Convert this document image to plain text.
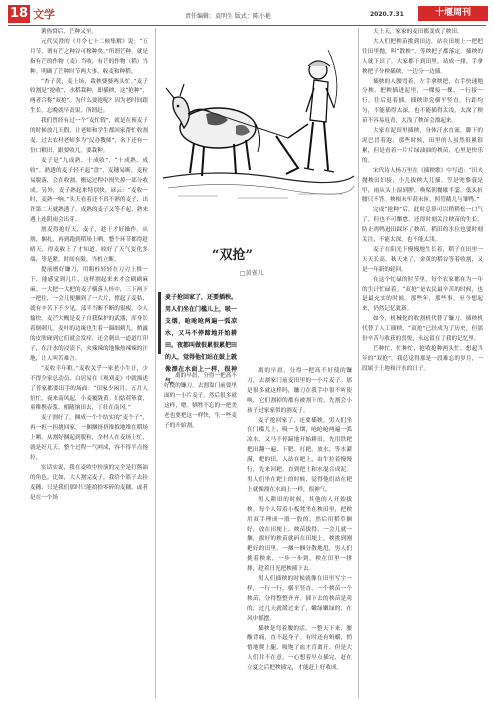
18 文学	责任编辑：袁明生 版式：陈小艳	2020.7.31	十堰周刊

薯热窝后，芒种又至。

元代吴澄的《月令七十二候集解》说：“五月节，谓有芒之种谷可稼种矣。”所谓芒种，就是指有芒的作物（麦）当收，有芒的作物（稻）当种。明确了芒种时节两大事，收麦和种稻。

“杏子黄，麦上场，栽秧婆婆两头忙。”麦子收割是“抢收”，水稻栽种，即插秧，这“抢种”，两者合称“双抢”。为什么要抢呢？因为老时间跟生长，忘晚就早责果，所谓赶。

我们曾经有过一个“麦忙假”，就是在预麦子的时候放几天假，让老师和学生都回家帮忙收割麦。过去农村老师多为“民办教师”，名下还有一份口粮田，跟要收几，要栽种。

麦子是“九成熟、十成收”，“十成熟、成收”。熟透的麦子轻不起“盘”，麦穗易断，麦粒易脱落，会在收割、搬运过程中损失掉一部分收成。另外，麦子熟起来特别快，谚云：“麦收一时，麦熟一响。”头天看着还不真不熟的麦子，出许第二天就熟透了。成熟的麦子又等不起，熟来遇上连阴雨会出芽。

割麦得抢好天，麦子，趁干才好操作。从割、捆扎，再到跑到稻场上晒，整个环节都得趁晴天，得麦收上了才知道。收好了天气变化多端，等是紧，时间有限，当机立断。

提前磨好镰刀，用粗柱轻轻在刀刃上推一下，能感觉到几片，这样割起来来才会刷刷麻麻。一大把一大把的麦子横落人怀中，三下两下一把住，一会儿便捆到了一大片，撑起了麦秸，就有辛苦下不少见，部半当断不断的很瘦，令人愉快。麦芒大概是麦子自我保护的武器，浑身长着倒刺儿。麦叶的边缘也生着一圈细刺儿，稍露的皮肤碰到它们就会发痒，还会刺出一道道红印子，在汗水的浸渍下，火辣辣的地像热辣辣的汗地，让人叫苦难言。

“麦收半年粮。”麦收关乎一家老小生计，少不得全家总动员，白居易在《观刈麦》中就描述了普家都要出手的场面：“田家少闲月，五月人倍忙。夜来南风起，小麦覆陇黄。妇姑荷箪食，童稚携壶浆。相随饷田去，丁壮在南冈。”

麦子割好了，捆成一个个结实的“麦个子”，再一担一担挑回家，一捆捆挤挤推推地堆在稻场上晒。从割好捆起到脱粒，全村人在麦场上忙，就是好几天，整个过程一气呵成，容不得半点拖拉。

实话实说，我在麦收中扮演的完全是打酱油的角色。比如，大人割完麦子，我给个篮子去捡麦穗，只是我们那时只能拾拾零碎的麦穗，或者是在一个场

“双抢”
□黄雀儿
麦子抢回家了，还要插秧。男人们坐在门槛儿上，吸一支烟，呛呛呛两遍一弧凉水，又马不停蹄地开始耕田。夜都叫做很累很累把田的人，觉得他们站在鼓上就像漂在水面上一样，很神气。

离的早晨，分得一把高不好使的镰刀，去割家门前麦田里的一小片麦子。那是很多就这样吗，镰刀在我手中很不听使唤，它们割掉的都有被割下的。先割会小孩子过家家似的割麦子。

麦子抢回家了，还要插秧。男人们坐在门槛儿上，吸一支烟，呛呛呛两遍一弧凉水，又马不停蹄地开始耕田。先用铁耙把田翻一遍，下肥、打耙，放水，等水灌满，耙的田。人站在耙上，由牛拉着慢慢行，先来回耙，直到把土和水混合成泥。男人们坐在耙上的时候，觉得他们站在耙上就像漂在水面上一样，很神气。

男人耕田的时候，其他的人开始拔秧。每个人带着小板凳坐在秧田里，把秧用双手理成一股一股的，然后用稻草捆好，放在田埂上。秧苗拔得，一会儿就一捆，拔好的秧苗就码在田埂上，秧挑到刚耙好的田里，一捆一捆分散地甩，男人们挑着秧来，一步一步到，秧在田里一排排，趁着日光把秧插下去。

男人们插秧的时候就像在田里写字一样，一行一行，横平竖直，一个秧苗一个秧苗，分得整整齐齐。插下去的秧苗是蔫的，过几天就缓过来了，嫩绿嫩绿的，在风中摇摆。

插秧是弯着腰的活，一整天下来，腰酸背痛，直不起身子。有时还有蚂蟥，悄悄地爬上腿，吸饱了血才肯离开。但是大人们并不在意，一心想着早点插完，赶在立夏之后把秧插完，才能赶上好收成。

离的早晨，分得一把高不好使的镰刀，去割靠门前要里面的一小片麦子。然后很多就这样，嗯。牺牲不忘的一把美老也要把这一样快，生一些麦子的开始割。

天上天，家家的麦田都变成了秧田。

大人们把秧苗挑到田边，站在田埂上一把把往田里抛，叫“散秧”。等秧把子都落定，插秧的人就下田了。大家都下到田里，站成一排，手拿秧把子分秧插秧，一边分一边插。

插秧的人腰弯着，左手拿秧把，右手快速地分秧，把秧插进泥里，一棵接一棵，一行接一行，往后退着插。插秧讲究横平竖直，行距均匀，不能插得太深，也不能插得太浅，太深了秧苗不容易返青，太浅了秧苗会漂起来。

大家在泥田里插秧，身体汗水直流，脚下的泥巴冒着泡，那些时候，田里的人虽然很累很累，但是看着一片片绿油油的秧苗，心里是快乐的。

宋代诗人杨万里在《插秧歌》中写道：“田夫抛秧田妇接，小儿拔秧大儿插。笠是兜鍪蓑是甲，雨从头上湿到胛。唤渠朝餐歇半霎，低头折腰只不答。秧根未牢莳未匝，照管鹅儿与雏鸭。”

完成“抢种”后，此时总算可以稍稍松一口气了。但也不可懈怠，还得时刻关注秧苗的生长，防止鸡鸭进田踩坏了秧苗。稻田的水位也要时刻关注，不能太深，也不能太浅。

麦子在阳光下慢慢地生长着，稻子在田里一天天长高。秋天来了，金黄的稻谷等着收割，又是一年新的轮回。

在这个忙碌的时节里，每个农家都在为一年的生计忙碌着。“双抢”是农民最辛苦的时候，也是最充实的时候。那些年，那些事，至今想起来，仍然记忆犹新。

如今，机械化的收割机代替了镰刀，插秧机代替了人工插秧，“双抢”已经成为了历史，但那份辛苦与收获的喜悦，永远留在了我的记忆里。

芒种忙，忙种忙，抢收抢种两头忙。想起当年的“双抢”，我总觉得那是一段难忘的岁月，一段属于土地和汗水的日子。
